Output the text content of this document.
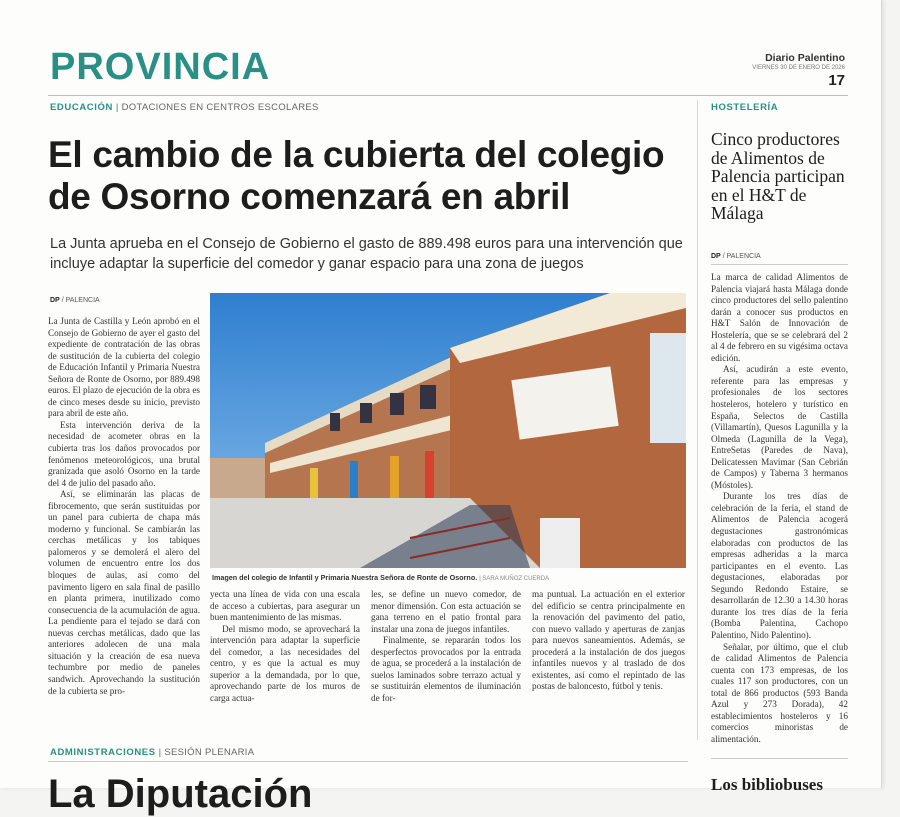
PROVINCIA	Diario Palentino
VIERNES 30 DE ENERO DE 2026
17
EDUCACIÓN | DOTACIONES EN CENTROS ESCOLARES
El cambio de la cubierta del colegio
de Osorno comenzará en abril
La Junta aprueba en el Consejo de Gobierno el gasto de 889.498 euros para una intervención que incluye adaptar la superficie del comedor y ganar espacio para una zona de juegos
DP / PALENCIA

La Junta de Castilla y León aprobó en el Consejo de Gobierno de ayer el gasto del expediente de contratación de las obras de sustitución de la cubierta del colegio de Educación Infantil y Primaria Nuestra Señora de Ronte de Osorno, por 889.498 euros. El plazo de ejecución de la obra es de cinco meses desde su inicio, previsto para abril de este año.

Esta intervención deriva de la necesidad de acometer obras en la cubierta tras los daños provocados por fenómenos meteorológicos, una brutal granizada que asoló Osorno en la tarde del 4 de julio del pasado año.

Así, se eliminarán las placas de fibrocemento, que serán sustituidas por un panel para cubierta de chapa más moderno y funcional. Se cambiarán las cerchas metálicas y los tabiques palomeros y se demolerá el alero del volumen de encuentro entre los dos bloques de aulas, así como del pavimento ligero en sala final de pasillo en planta primera, inutilizado como consecuencia de la acumulación de agua. La pendiente para el tejado se dará con nuevas cerchas metálicas, dado que las anteriores adolecen de una mala situación y la creación de esa nueva techumbre por medio de paneles sandwich. Aprovechando la sustitución de la cubierta se pro-

Imagen del colegio de Infantil y Primaria Nuestra Señora de Ronte de Osorno. | SARA MUÑOZ CUERDA

yecta una línea de vida con una escala de acceso a cubiertas, para asegurar un buen mantenimiento de las mismas.

Del mismo modo, se aprovechará la intervención para adaptar la superficie del comedor, a las necesidades del centro, y es que la actual es muy superior a la demandada, por lo que, aprovechando parte de los muros de carga actua-

les, se define un nuevo comedor, de menor dimensión. Con esta actuación se gana terreno en el patio frontal para instalar una zona de juegos infantiles.

Finalmente, se repararán todos los desperfectos provocados por la entrada de agua, se procederá a la instalación de suelos laminados sobre terrazo actual y se sustituirán elementos de iluminación de for-

ma puntual. La actuación en el exterior del edificio se centra principalmente en la renovación del pavimento del patio, con nuevo vallado y aperturas de zanjas para nuevos saneamientos. Además, se procederá a la instalación de dos juegos infantiles nuevos y al traslado de dos existentes, así como el repintado de las postas de baloncesto, fútbol y tenis.

HOSTELERÍA
Cinco productores de Alimentos de Palencia participan en el H&T de Málaga
DP / PALENCIA

La marca de calidad Alimentos de Palencia viajará hasta Málaga donde cinco productores del sello palentino darán a conocer sus productos en H&T Salón de Innovación de Hostelería, que se se celebrará del 2 al 4 de febrero en su vigésima octava edición.

Así, acudirán a este evento, referente para las empresas y profesionales de los sectores hosteleros, hotelero y turístico en España, Selectos de Castilla (Villamartín), Quesos Lagunilla y la Olmeda (Lagunilla de la Vega), EntreSetas (Paredes de Nava), Delicatessen Mavimar (San Cebrián de Campos) y Taberna 3 hermanos (Móstoles).

Durante los tres días de celebración de la feria, el stand de Alimentos de Palencia acogerá degustaciones gastronómicas elaboradas con productos de las empresas adheridas a la marca participantes en el evento. Las degustaciones, elaboradas por Segundo Redondo Estaire, se desarrollarán de 12.30 a 14.30 horas durante los tres días de la feria (Bomba Palentina, Cachopo Palentino, Nido Palentino).

Señalar, por último, que el club de calidad Alimentos de Palencia cuenta con 173 empresas, de los cuales 117 son productores, con un total de 866 productos (593 Banda Azul y 273 Dorada), 42 establecimientos hosteleros y 16 comercios minoristas de alimentación.

Los bibliobuses
ADMINISTRACIONES | SESIÓN PLENARIA
La Diputación
